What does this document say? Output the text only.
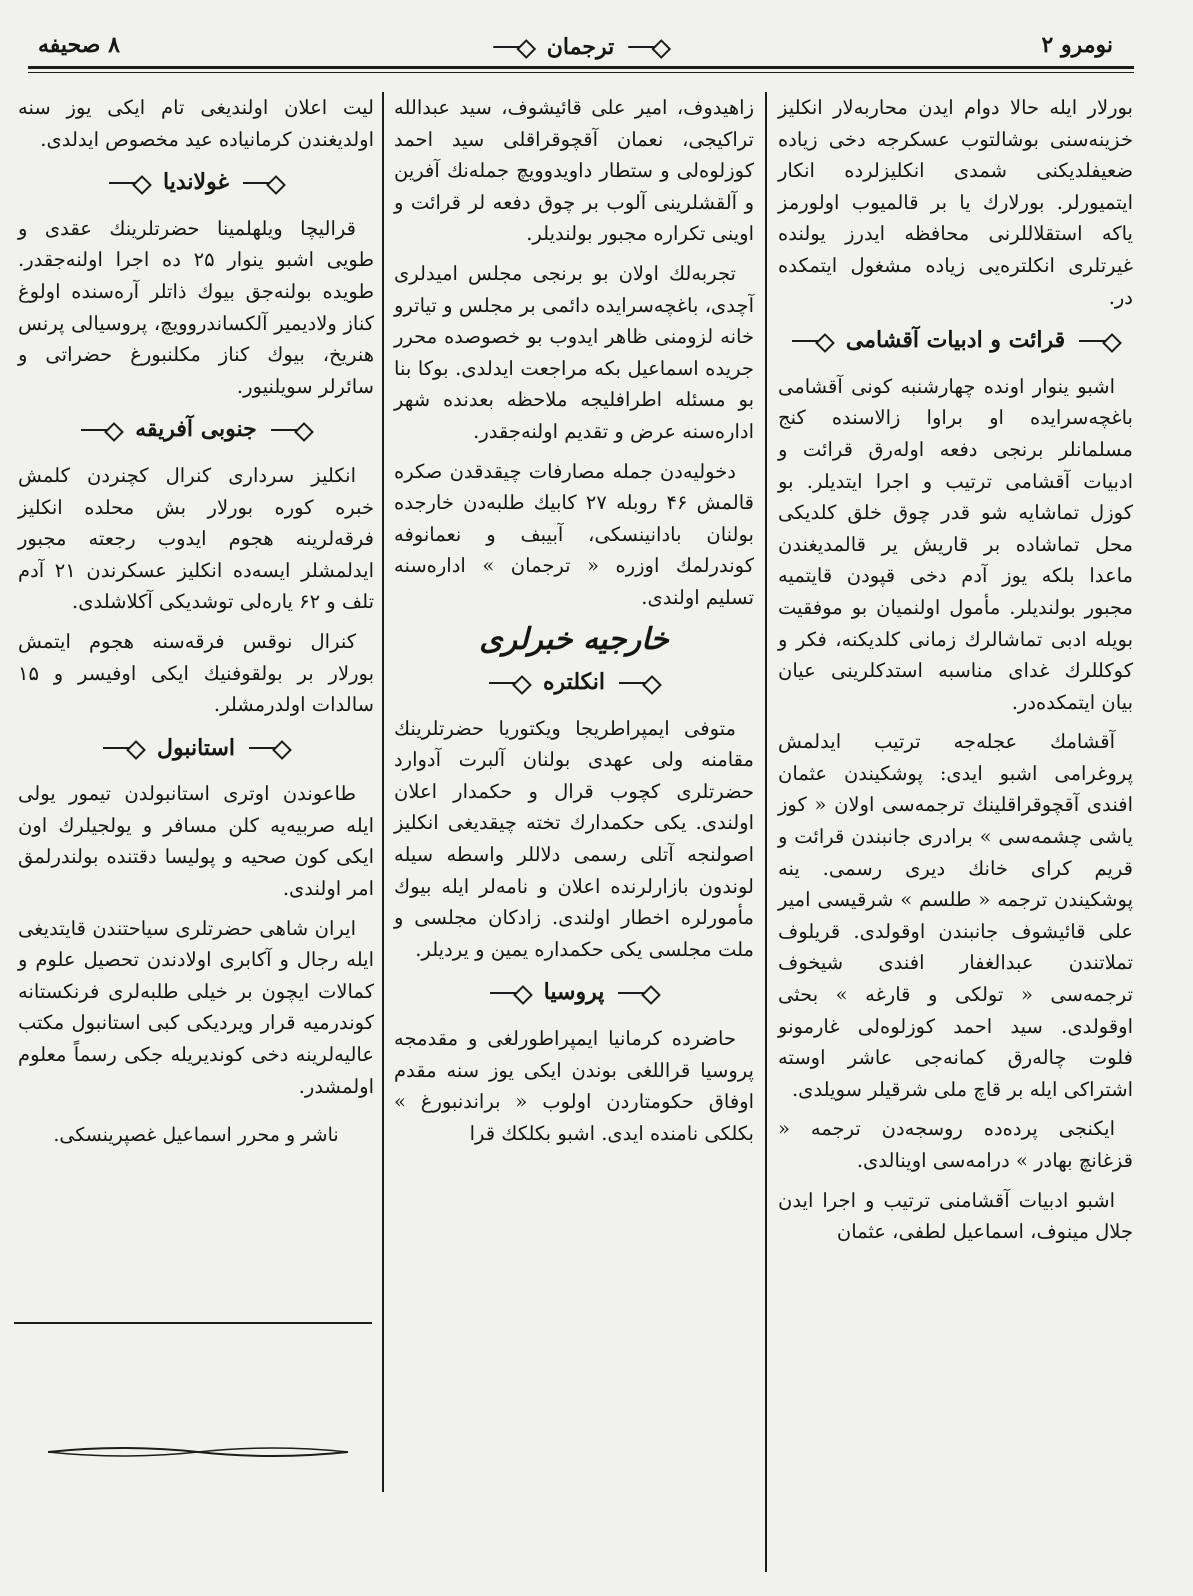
نومرو ۲
ترجمان
۸ صحیفه

بورلار ایله حالا دوام ایدن محاربه‌لار انکلیز خزینه‌سنی بوشالتوب عسکرجه دخی زیاده ضعیفلدیکنی شمدی انکلیزلرده انکار ایتمیورلر. بورلارك یا بر قالمیوب اولورمز یاکه استقلاللرنی محافظه ایدرز یولنده غیرتلری انکلتره‌یی زیاده مشغول ایتمکده در.

قرائت و ادبیات آقشامی

اشبو ینوار اونده چهارشنبه کونی آقشامی باغچه‌سرایده او براوا زالاسنده کنج مسلمانلر برنجی دفعه اوله‌رق قرائت و ادبیات آقشامی ترتیب و اجرا ایتدیلر. بو کوزل تماشایه شو قدر چوق خلق کلدیکی محل تماشاده بر قاریش یر قالمدیغندن ماعدا بلکه یوز آدم دخی قپودن قایتمیه مجبور بولندیلر. مأمول اولنمیان بو موفقیت بویله ادبی تماشالرك زمانی کلدیکنه، فکر و کوکللرك غدای مناسبه استدکلرینی عیان بیان ایتمکده‌در.

آقشامك عجله‌جه ترتیب ایدلمش پروغرامی اشبو ایدی: پوشکیندن عثمان افندی آقچوقراقلینك ترجمه‌سی اولان « کوز یاشی چشمه‌سی » برادری جانبندن قرائت و قریم کرای خانك دیری رسمی. ینه پوشکیندن ترجمه « طلسم » شرقیسی امیر علی قائیشوف جانبندن اوقولدی. قریلوف تملاتندن عبدالغفار افندی شیخوف ترجمه‌سی « تولکی و قارغه » بحثی اوقولدی. سید احمد کوزلوه‌لی غارمونو فلوت چاله‌رق کمانه‌جی عاشر اوسته اشتراکی ایله بر قاچ ملی شرقیلر سویلدی.

ایکنجی پرده‌ده روسجه‌دن ترجمه « قزغانچ بهادر » درامه‌سی اوینالدی.

اشبو ادبیات آقشامنی ترتیب و اجرا ایدن جلال مینوف، اسماعیل لطفی، عثمان

زاهیدوف، امیر علی قائیشوف، سید عبدالله تراکیجی، نعمان آقچوقراقلی سید احمد کوزلوه‌لی و ستطار داویدوویچ جمله‌نك آفرین و آلقشلرینی آلوب بر چوق دفعه لر قرائت و اوینی تکراره مجبور بولندیلر.

تجربه‌لك اولان بو برنجی مجلس امیدلری آچدی، باغچه‌سرایده دائمی بر مجلس و تیاترو خانه لزومنی ظاهر ایدوب بو خصوصده محرر جریده اسماعیل بکه مراجعت ایدلدی. بوکا بنا بو مسئله اطرافلیجه ملاحظه بعدنده شهر اداره‌سنه عرض و تقدیم اولنه‌جقدر.

دخولیه‌دن جمله مصارفات چیقدقدن صکره قالمش ۴۶ روبله ۲۷ کابیك طلبه‌دن خارجده بولنان بادانینسکی، آبیبف و نعمانوفه کوندرلمك اوزره « ترجمان » اداره‌سنه تسلیم اولندی.

خارجیه خبرلری
انکلتره

متوفی ایمپراطریجا ویکتوریا حضرتلرینك مقامنه ولی عهدی بولنان آلبرت آدوارد حضرتلری کچوب قرال و حکمدار اعلان اولندی. یکی حکمدارك تخته چیقدیغی انکلیز اصولنجه آتلی رسمی دلاللر واسطه سیله لوندون بازارلرنده اعلان و نامه‌لر ایله بیوك مأمورلره اخطار اولندی. زادکان مجلسی و ملت مجلسی یکی حکمداره یمین و یردیلر.

پروسیا

حاضرده کرمانیا ایمپراطورلغی و مقدمجه پروسیا قراللغی بوندن ایکی یوز سنه مقدم اوفاق حکومتاردن اولوب « براندنبورغ » بکلکی نامنده ایدی. اشبو بکلکك قرا

لیت اعلان اولندیغی تام ایکی یوز سنه اولدیغندن کرمانیاده عید مخصوص ایدلدی.

غولاندیا

قرالیچا ویلهلمینا حضرتلرینك عقدی و طویی اشبو ینوار ۲۵ ده اجرا اولنه‌جقدر. طویده بولنه‌جق بیوك ذاتلر آره‌سنده اولوغ کناز ولادیمیر آلکساندروویچ، پروسیالی پرنس هنریخ، بیوك کناز مکلنبورغ حضراتی و سائرلر سویلنیور.

جنوبی آفریقه

انکلیز سرداری کنرال کچنردن کلمش خبره کوره بورلار بش محلده انکلیز فرقه‌لرینه هجوم ایدوب رجعته مجبور ایدلمشلر ایسه‌ده انکلیز عسکرندن ۲۱ آدم تلف و ۶۲ یاره‌لی توشدیکی آکلاشلدی.

کنرال نوقس فرقه‌سنه هجوم ایتمش بورلار بر بولقوفنیك ایکی اوفیسر و ۱۵ سالدات اولدرمشلر.

استانبول

طاعوندن اوتری استانبولدن تیمور یولی ایله صربیه‌یه کلن مسافر و یولجیلرك اون ایکی کون صحیه و پولیسا دقتنده بولندرلمق امر اولندی.

ایران شاهی حضرتلری سیاحتندن قایتدیغی ایله رجال و آکابری اولادندن تحصیل علوم و کمالات ایچون بر خیلی طلبه‌لری فرنکستانه کوندرمیه قرار ویردیکی کبی استانبول مکتب عالیه‌لرینه دخی کوندیریله جکی رسماً معلوم اولمشدر.

ناشر و محرر اسماعیل غصپرینسکی.
